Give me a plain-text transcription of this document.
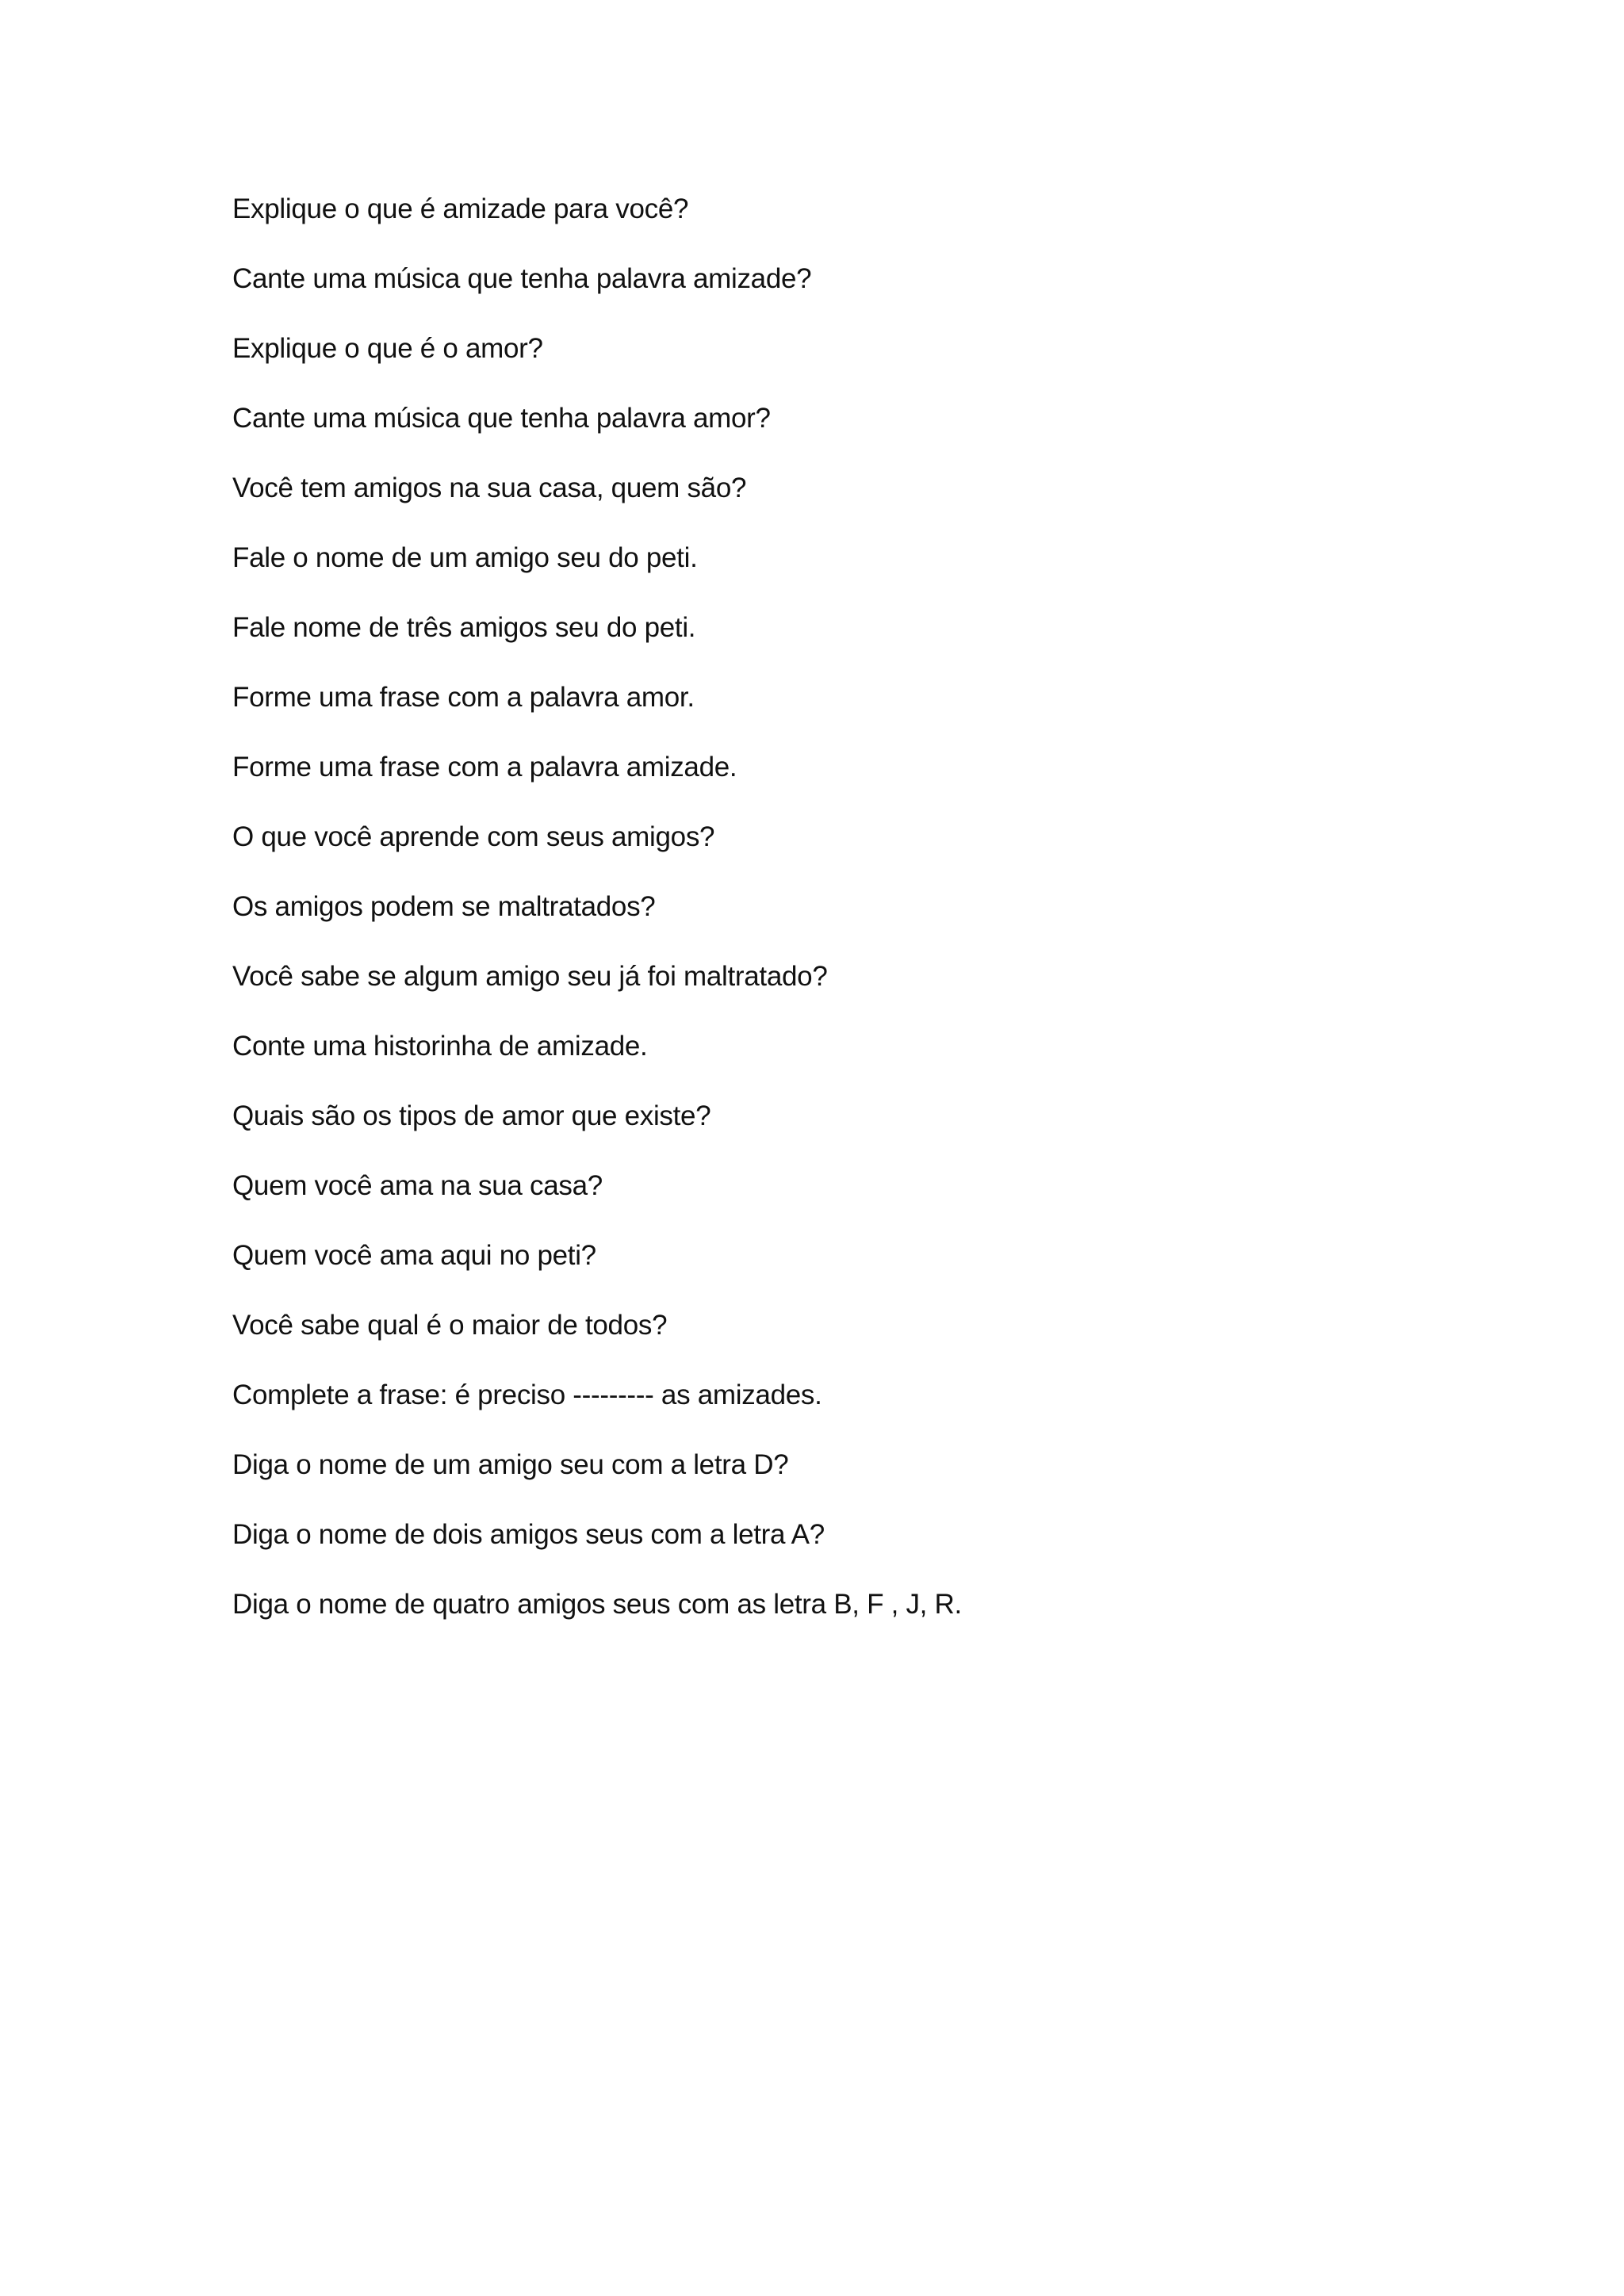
Explique o que é amizade para você?
Cante uma música que tenha palavra amizade?
Explique o que é o amor?
Cante uma música que tenha palavra amor?
Você tem amigos na sua casa, quem são?
Fale o nome de um amigo seu do peti.
Fale nome de três amigos seu do peti.
Forme uma frase com a palavra amor.
Forme uma frase com a palavra amizade.
O que você aprende com seus amigos?
Os amigos podem se maltratados?
Você sabe se algum amigo seu já foi maltratado?
Conte uma historinha de amizade.
Quais são os tipos de amor que existe?
Quem você ama na sua casa?
Quem você ama aqui no peti?
Você sabe qual é o maior de todos?
Complete a frase: é preciso --------- as amizades.
Diga o nome de um amigo seu com a letra D?
Diga o nome de dois amigos seus com a letra A?
Diga o nome de quatro amigos seus com as letra B, F , J, R.
